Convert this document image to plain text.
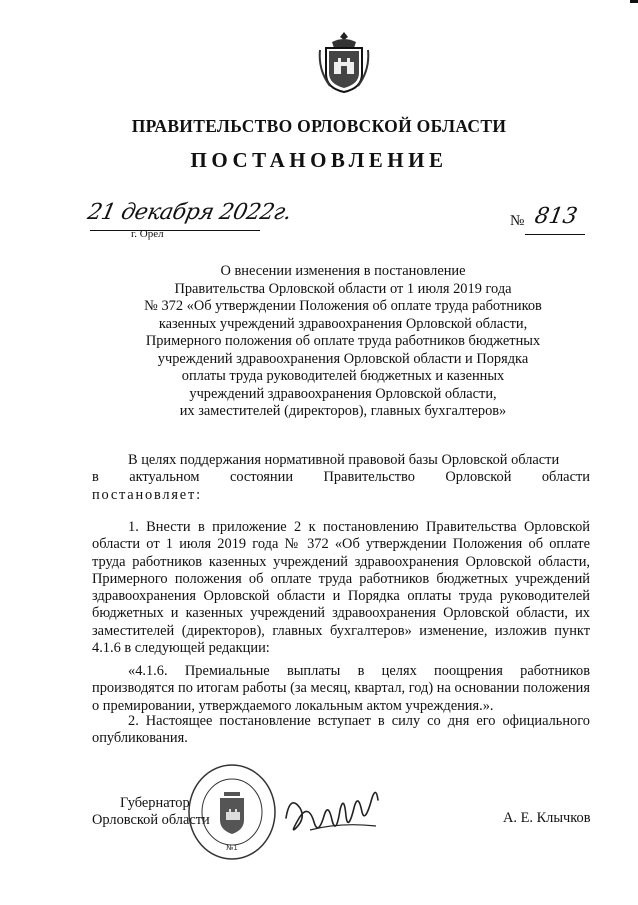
ПРАВИТЕЛЬСТВО ОРЛОВСКОЙ ОБЛАСТИ
ПОСТАНОВЛЕНИЕ
21 декабря 2022г.
г. Орёл
№ 813
О внесении изменения в постановление
Правительства Орловской области от 1 июля 2019 года
№ 372 «Об утверждении Положения об оплате труда работников
казенных учреждений здравоохранения Орловской области,
Примерного положения об оплате труда работников бюджетных
учреждений здравоохранения Орловской области и Порядка
оплаты труда руководителей бюджетных и казенных
учреждений здравоохранения Орловской области,
их заместителей (директоров), главных бухгалтеров»
В целях поддержания нормативной правовой базы Орловской области
в актуальном состоянии Правительство Орловской области
постановляет:
1. Внести в приложение 2 к постановлению Правительства Орловской области от 1 июля 2019 года № 372 «Об утверждении Положения об оплате труда работников казенных учреждений здравоохранения Орловской области, Примерного положения об оплате труда работников бюджетных учреждений здравоохранения Орловской области и Порядка оплаты труда руководителей бюджетных и казенных учреждений здравоохранения Орловской области, их заместителей (директоров), главных бухгалтеров» изменение, изложив пункт 4.1.6 в следующей редакции:
«4.1.6. Премиальные выплаты в целях поощрения работников производятся по итогам работы (за месяц, квартал, год) на основании положения о премировании, утверждаемого локальным актом учреждения.».
2. Настоящее постановление вступает в силу со дня его официального опубликования.
Губернатор
Орловской области
№1
А. Е. Клычков
